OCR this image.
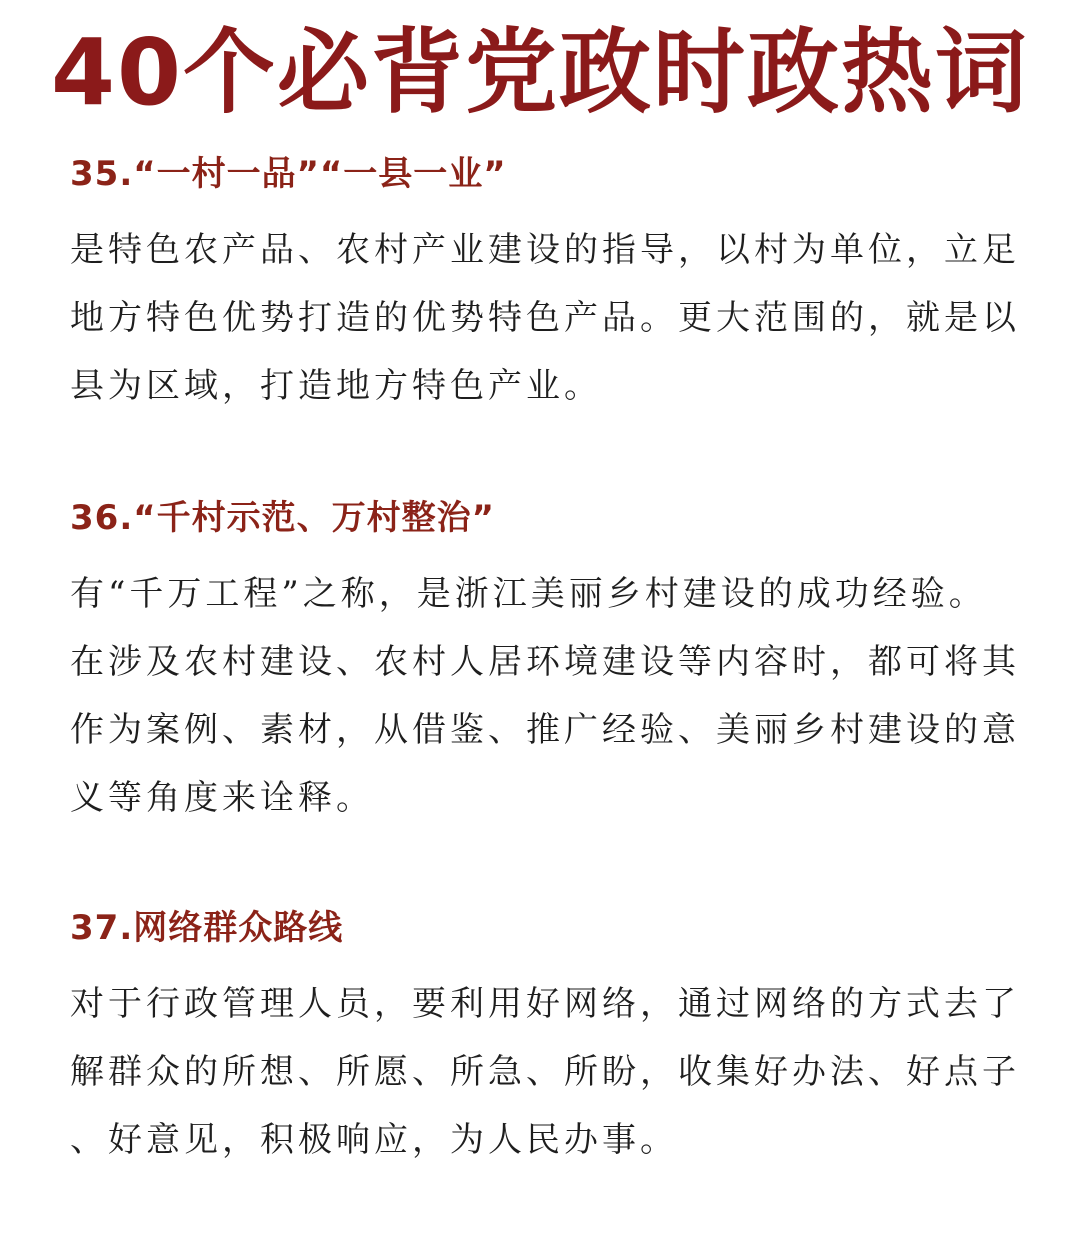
40个必背党政时政热词
35.“一村一品”“一县一业”
是特色农产品、农村产业建设的指导，以村为单位，立足
地方特色优势打造的优势特色产品。更大范围的，就是以
县为区域，打造地方特色产业。
36.“千村示范、万村整治”
有“千万工程”之称，是浙江美丽乡村建设的成功经验。
在涉及农村建设、农村人居环境建设等内容时，都可将其
作为案例、素材，从借鉴、推广经验、美丽乡村建设的意
义等角度来诠释。
37.网络群众路线
对于行政管理人员，要利用好网络，通过网络的方式去了
解群众的所想、所愿、所急、所盼，收集好办法、好点子
、好意见，积极响应，为人民办事。
